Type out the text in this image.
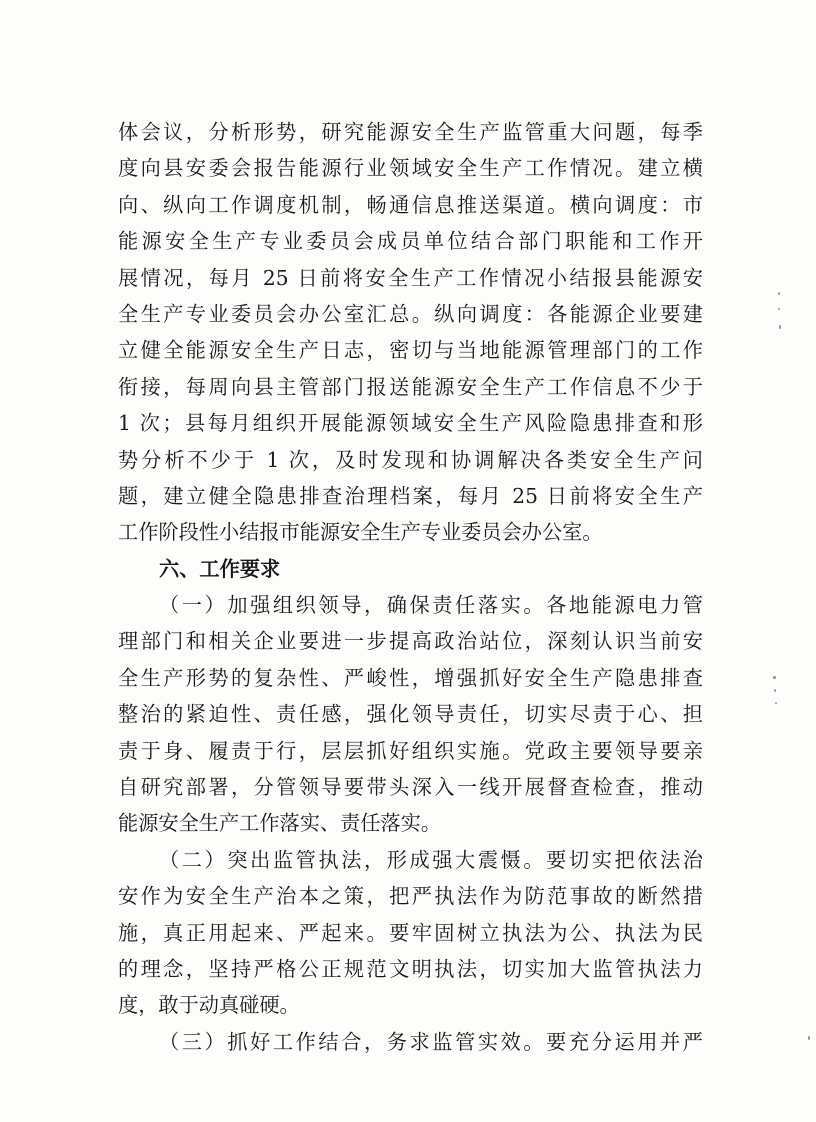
体会议，分析形势，研究能源安全生产监管重大问题，每季
度向县安委会报告能源行业领域安全生产工作情况。建立横
向、纵向工作调度机制，畅通信息推送渠道。横向调度：市
能源安全生产专业委员会成员单位结合部门职能和工作开
展情况，每月 25 日前将安全生产工作情况小结报县能源安
全生产专业委员会办公室汇总。纵向调度：各能源企业要建
立健全能源安全生产日志，密切与当地能源管理部门的工作
衔接，每周向县主管部门报送能源安全生产工作信息不少于
1 次；县每月组织开展能源领域安全生产风险隐患排查和形
势分析不少于 1 次，及时发现和协调解决各类安全生产问
题，建立健全隐患排查治理档案，每月 25 日前将安全生产
工作阶段性小结报市能源安全生产专业委员会办公室。
六、工作要求
（一）加强组织领导，确保责任落实。各地能源电力管
理部门和相关企业要进一步提高政治站位，深刻认识当前安
全生产形势的复杂性、严峻性，增强抓好安全生产隐患排查
整治的紧迫性、责任感，强化领导责任，切实尽责于心、担
责于身、履责于行，层层抓好组织实施。党政主要领导要亲
自研究部署，分管领导要带头深入一线开展督查检查，推动
能源安全生产工作落实、责任落实。
（二）突出监管执法，形成强大震慑。要切实把依法治
安作为安全生产治本之策，把严执法作为防范事故的断然措
施，真正用起来、严起来。要牢固树立执法为公、执法为民
的理念，坚持严格公正规范文明执法，切实加大监管执法力
度，敢于动真碰硬。
（三）抓好工作结合，务求监管实效。要充分运用并严
